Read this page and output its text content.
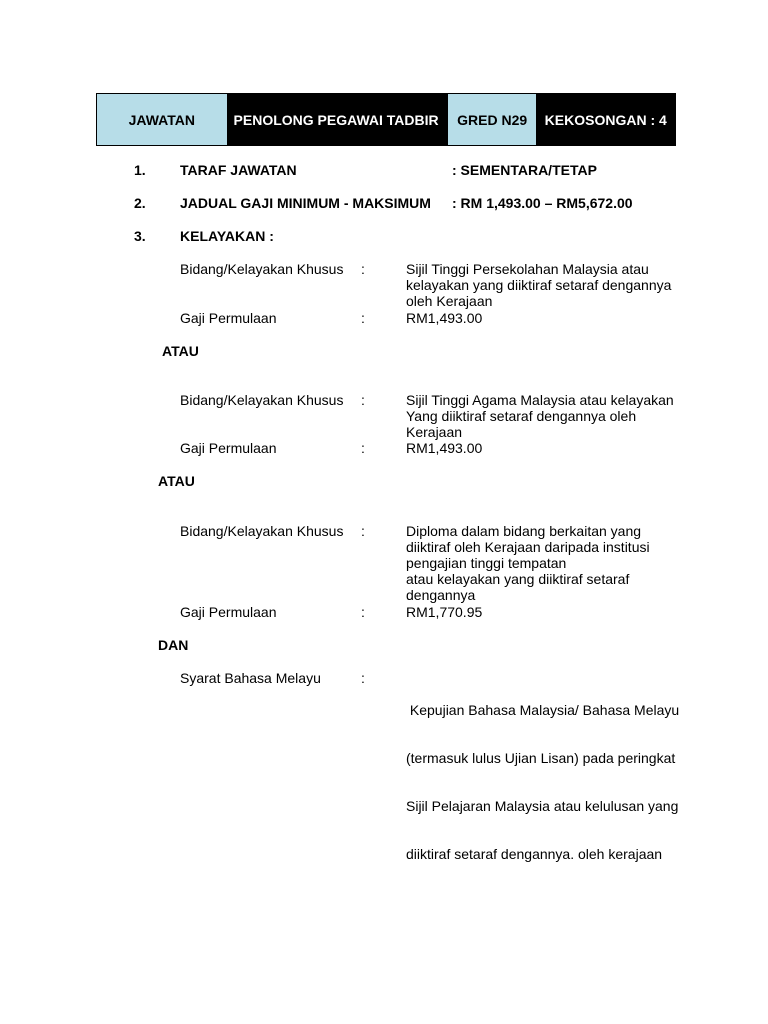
JAWATAN	PENOLONG PEGAWAI TADBIR	GRED N29	KEKOSONGAN : 4
1. TARAF JAWATAN	: SEMENTARA/TETAP
2. JADUAL GAJI MINIMUM - MAKSIMUM : RM 1,493.00 – RM5,672.00
3. KELAYAKAN :
Bidang/Kelayakan Khusus :	Sijil Tinggi Persekolahan Malaysia atau
kelayakan yang diiktiraf setaraf dengannya
oleh Kerajaan
Gaji Permulaan	:	RM1,493.00
ATAU
Bidang/Kelayakan Khusus :	Sijil Tinggi Agama Malaysia atau kelayakan
Yang diiktiraf setaraf dengannya oleh
Kerajaan
Gaji Permulaan	:	RM1,493.00
ATAU
Bidang/Kelayakan Khusus :	Diploma dalam bidang berkaitan yang
diiktiraf oleh Kerajaan daripada institusi
pengajian tinggi tempatan
atau kelayakan yang diiktiraf setaraf
dengannya
Gaji Permulaan	:	RM1,770.95
DAN
Syarat Bahasa Melayu	:

Kepujian Bahasa Malaysia/ Bahasa Melayu

(termasuk lulus Ujian Lisan) pada peringkat

Sijil Pelajaran Malaysia atau kelulusan yang

diiktiraf setaraf dengannya. oleh kerajaan
